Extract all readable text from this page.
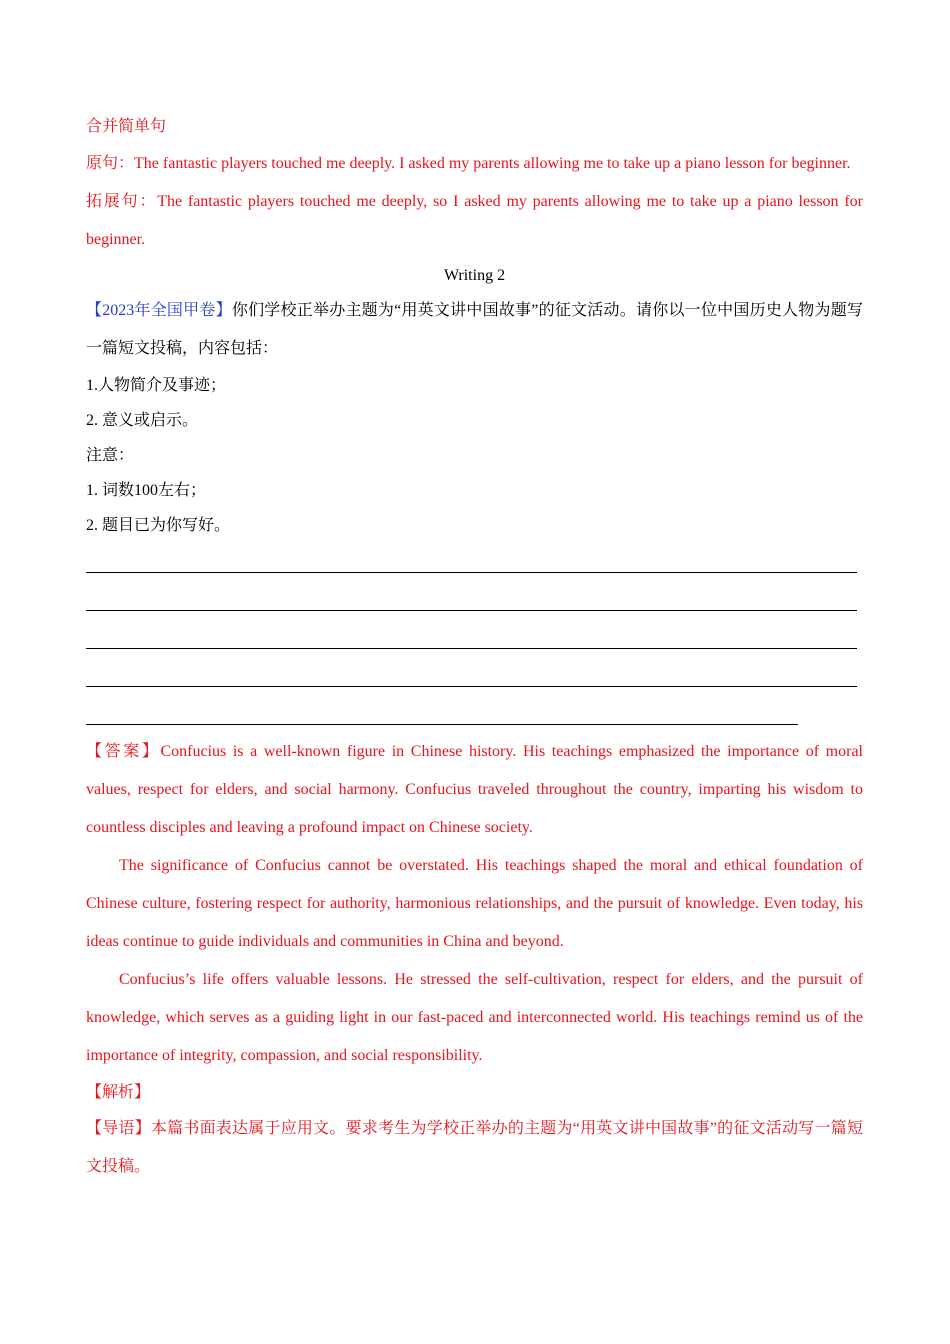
合并简单句
原句：The fantastic players touched me deeply. I asked my parents allowing me to take up a piano lesson for beginner.
拓展句：The fantastic players touched me deeply, so I asked my parents allowing me to take up a piano lesson for beginner.
Writing 2
【2023年全国甲卷】你们学校正举办主题为“用英文讲中国故事”的征文活动。请你以一位中国历史人物为题写一篇短文投稿，内容包括：
1.人物简介及事迹；
2. 意义或启示。
注意：
1. 词数100左右；
2. 题目已为你写好。
【答案】Confucius is a well-known figure in Chinese history. His teachings emphasized the importance of moral values, respect for elders, and social harmony. Confucius traveled throughout the country, imparting his wisdom to countless disciples and leaving a profound impact on Chinese society.
The significance of Confucius cannot be overstated. His teachings shaped the moral and ethical foundation of Chinese culture, fostering respect for authority, harmonious relationships, and the pursuit of knowledge. Even today, his ideas continue to guide individuals and communities in China and beyond.
Confucius’s life offers valuable lessons. He stressed the self-cultivation, respect for elders, and the pursuit of knowledge, which serves as a guiding light in our fast-paced and interconnected world. His teachings remind us of the importance of integrity, compassion, and social responsibility.
【解析】
【导语】本篇书面表达属于应用文。要求考生为学校正举办的主题为“用英文讲中国故事”的征文活动写一篇短文投稿。
